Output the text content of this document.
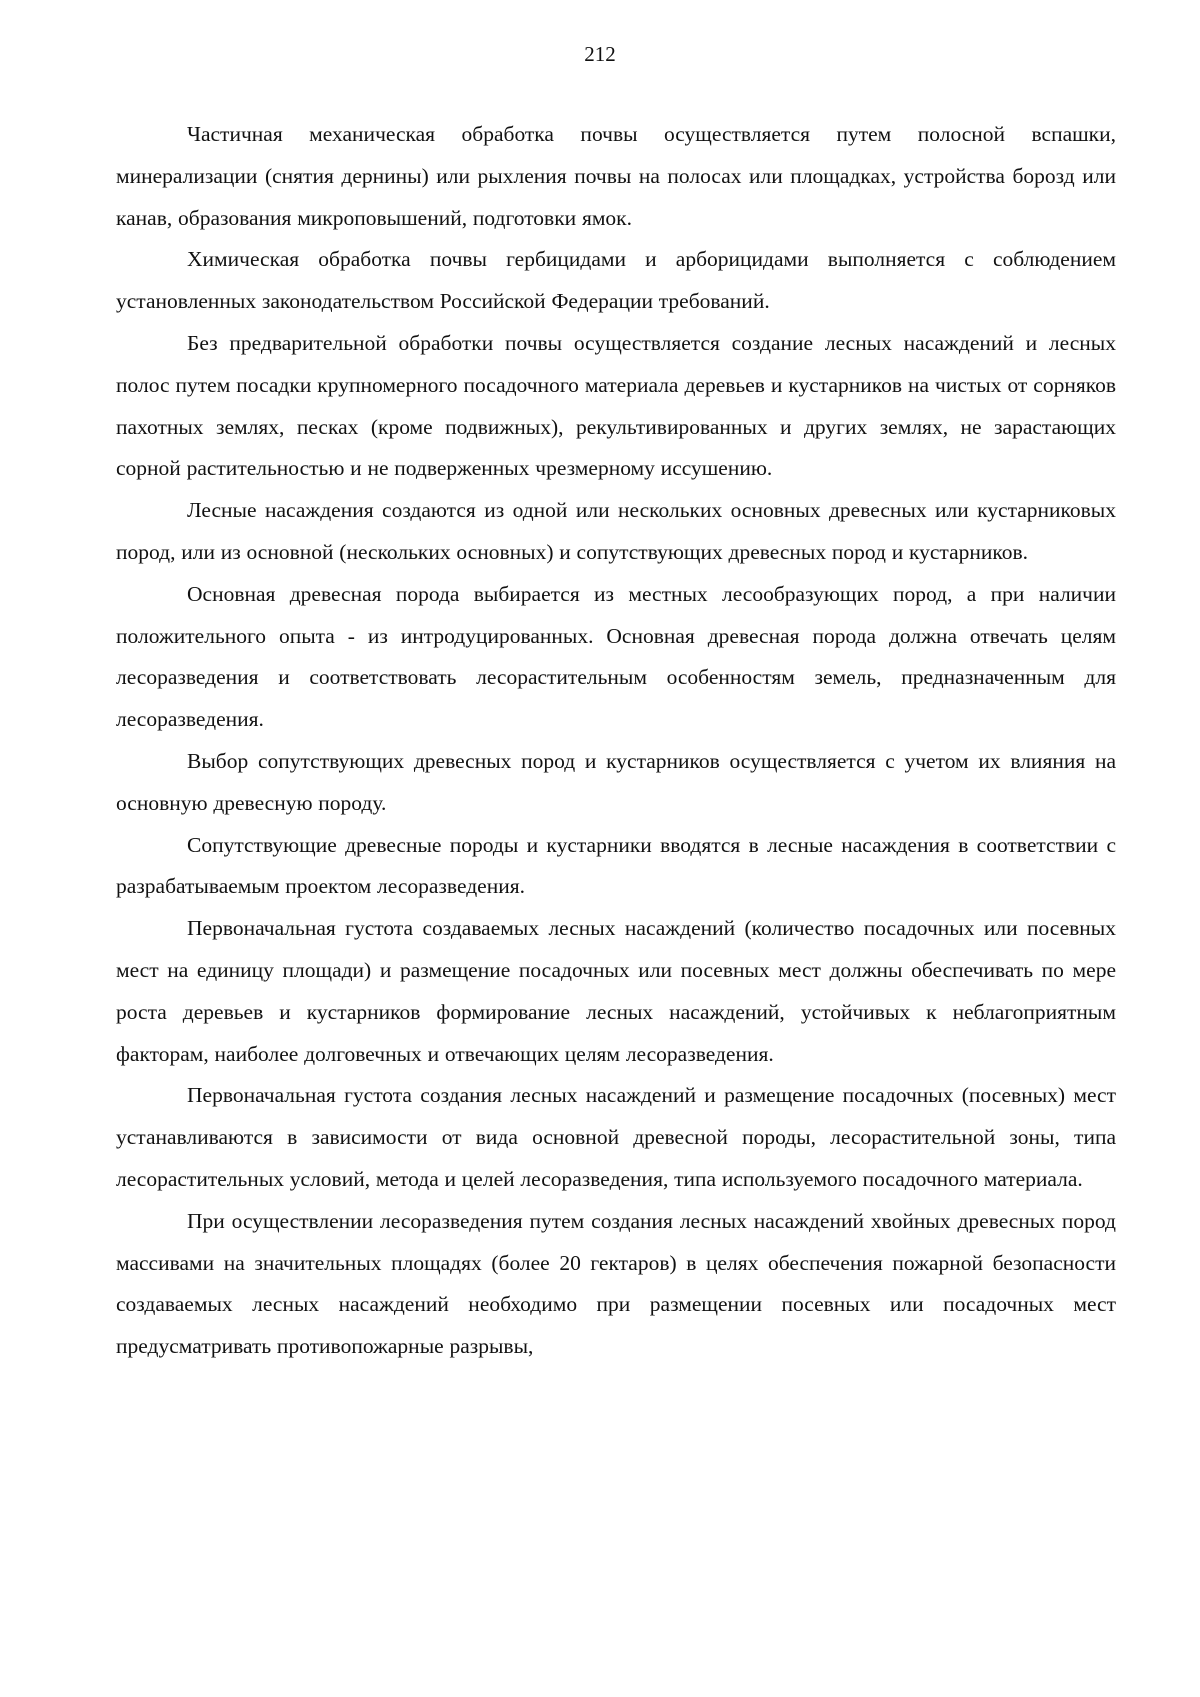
212

Частичная механическая обработка почвы осуществляется путем полосной вспашки, минерализации (снятия дернины) или рыхления почвы на полосах или площадках, устройства борозд или канав, образования микроповышений, подготовки ямок.

Химическая обработка почвы гербицидами и арборицидами выполняется с соблюдением установленных законодательством Российской Федерации требований.

Без предварительной обработки почвы осуществляется создание лесных насаждений и лесных полос путем посадки крупномерного посадочного материала деревьев и кустарников на чистых от сорняков пахотных землях, песках (кроме подвижных), рекультивированных и других землях, не зарастающих сорной растительностью и не подверженных чрезмерному иссушению.

Лесные насаждения создаются из одной или нескольких основных древесных или кустарниковых пород, или из основной (нескольких основных) и сопутствующих древесных пород и кустарников.

Основная древесная порода выбирается из местных лесообразующих пород, а при наличии положительного опыта - из интродуцированных. Основная древесная порода должна отвечать целям лесоразведения и соответствовать лесорастительным особенностям земель, предназначенным для лесоразведения.

Выбор сопутствующих древесных пород и кустарников осуществляется с учетом их влияния на основную древесную породу.

Сопутствующие древесные породы и кустарники вводятся в лесные насаждения в соответствии с разрабатываемым проектом лесоразведения.

Первоначальная густота создаваемых лесных насаждений (количество посадочных или посевных мест на единицу площади) и размещение посадочных или посевных мест должны обеспечивать по мере роста деревьев и кустарников формирование лесных насаждений, устойчивых к неблагоприятным факторам, наиболее долговечных и отвечающих целям лесоразведения.

Первоначальная густота создания лесных насаждений и размещение посадочных (посевных) мест устанавливаются в зависимости от вида основной древесной породы, лесорастительной зоны, типа лесорастительных условий, метода и целей лесоразведения, типа используемого посадочного материала.

При осуществлении лесоразведения путем создания лесных насаждений хвойных древесных пород массивами на значительных площадях (более 20 гектаров) в целях обеспечения пожарной безопасности создаваемых лесных насаждений необходимо при размещении посевных или посадочных мест предусматривать противопожарные разрывы,
